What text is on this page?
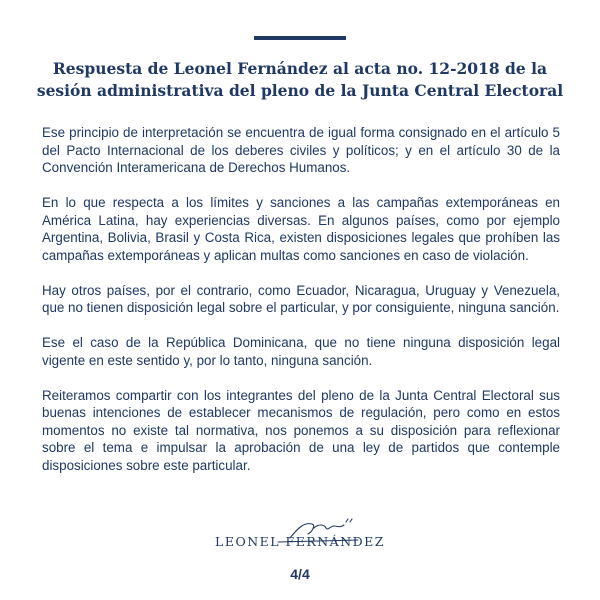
Respuesta de Leonel Fernández al acta no. 12-2018 de la sesión administrativa del pleno de la Junta Central Electoral

Ese principio de interpretación se encuentra de igual forma consignado en el artículo 5 del Pacto Internacional de los deberes civiles y políticos; y en el artículo 30 de la Convención Interamericana de Derechos Humanos.

En lo que respecta a los límites y sanciones a las campañas extemporáneas en América Latina, hay experiencias diversas. En algunos países, como por ejemplo Argentina, Bolivia, Brasil y Costa Rica, existen disposiciones legales que prohíben las campañas extemporáneas y aplican multas como sanciones en caso de violación.

Hay otros países, por el contrario, como Ecuador, Nicaragua, Uruguay y Venezuela, que no tienen disposición legal sobre el particular, y por consiguiente, ninguna sanción.

Ese el caso de la República Dominicana, que no tiene ninguna disposición legal vigente en este sentido y, por lo tanto, ninguna sanción.

Reiteramos compartir con los integrantes del pleno de la Junta Central Electoral sus buenas intenciones de establecer mecanismos de regulación, pero como en estos momentos no existe tal normativa, nos ponemos a su disposición para reflexionar sobre el tema e impulsar la aprobación de una ley de partidos que contemple disposiciones sobre este particular.

LEONEL FERNÁNDEZ
4/4
